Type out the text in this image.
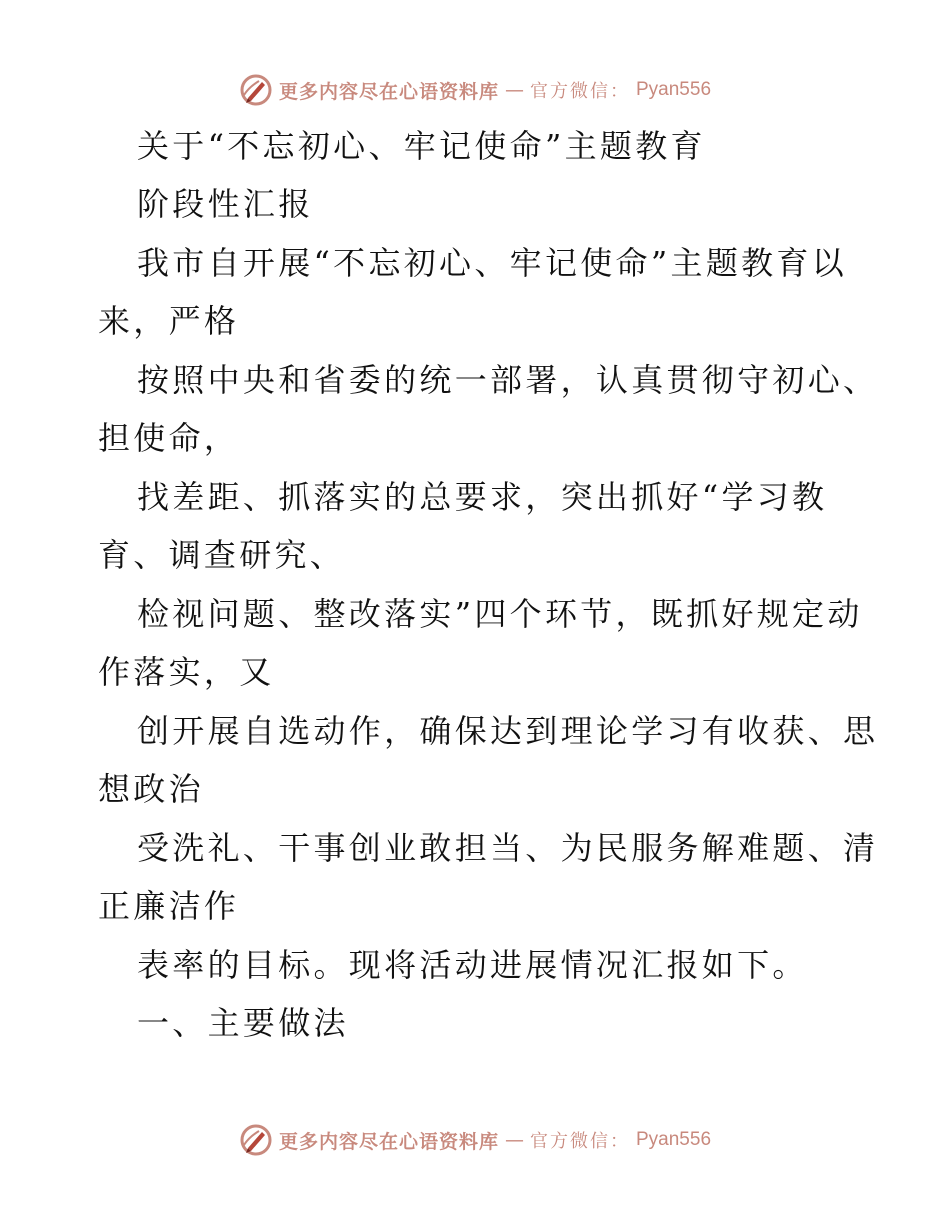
更多内容尽在心语资料库 — 官方微信： Pyan556
关于“不忘初心、牢记使命”主题教育
阶段性汇报
我市自开展“不忘初心、牢记使命”主题教育以
来，严格
按照中央和省委的统一部署，认真贯彻守初心、
担使命，
找差距、抓落实的总要求，突出抓好“学习教
育、调查研究、
检视问题、整改落实”四个环节，既抓好规定动
作落实，又
创开展自选动作，确保达到理论学习有收获、思
想政治
受洗礼、干事创业敢担当、为民服务解难题、清
正廉洁作
表率的目标。现将活动进展情况汇报如下。
一、主要做法
更多内容尽在心语资料库 — 官方微信： Pyan556
